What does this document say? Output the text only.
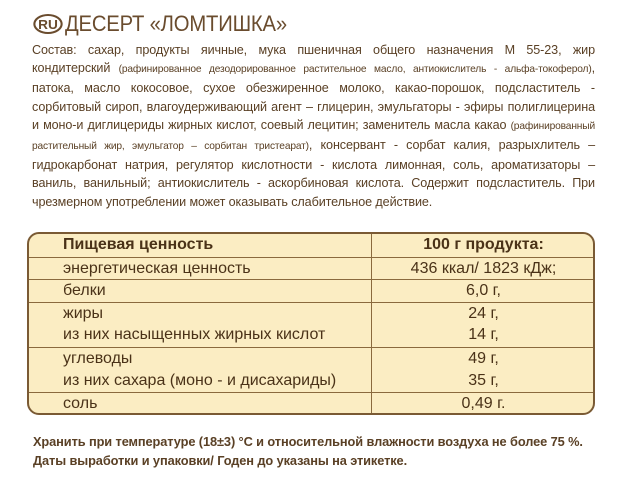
RU ДЕСЕРТ «ЛОМТИШКА»
Состав: сахар, продукты яичные, мука пшеничная общего назначения М 55-23, жир кондитерский (рафинированное дезодорированное растительное масло, антиокислитель - альфа-токоферол), патока, масло кокосовое, сухое обезжиренное молоко, какао-порошок, подсластитель - сорбитовый сироп, влагоудерживающий агент – глицерин, эмульгаторы - эфиры полиглицерина и моно-и диглицериды жирных кислот, соевый лецитин; заменитель масла какао (рафинированный растительный жир, эмульгатор – сорбитан тристеарат), консервант - сорбат калия, разрыхлитель – гидрокарбонат натрия, регулятор кислотности - кислота лимонная, соль, ароматизаторы – ваниль, ванильный; антиокислитель - аскорбиновая кислота. Содержит подсластитель. При чрезмерном употреблении может оказывать слабительное действие.
Пищевая ценность	100 г продукта:
энергетическая ценность	436 ккал/ 1823 кДж;
белки	6,0 г,
жиры	24 г,
из них насыщенных жирных кислот	14 г,
углеводы	49 г,
из них сахара (моно - и дисахариды)	35 г,
соль	0,49 г.
Хранить при температуре (18±3) °С и относительной влажности воздуха не более 75 %.
Даты выработки и упаковки/ Годен до указаны на этикетке.
